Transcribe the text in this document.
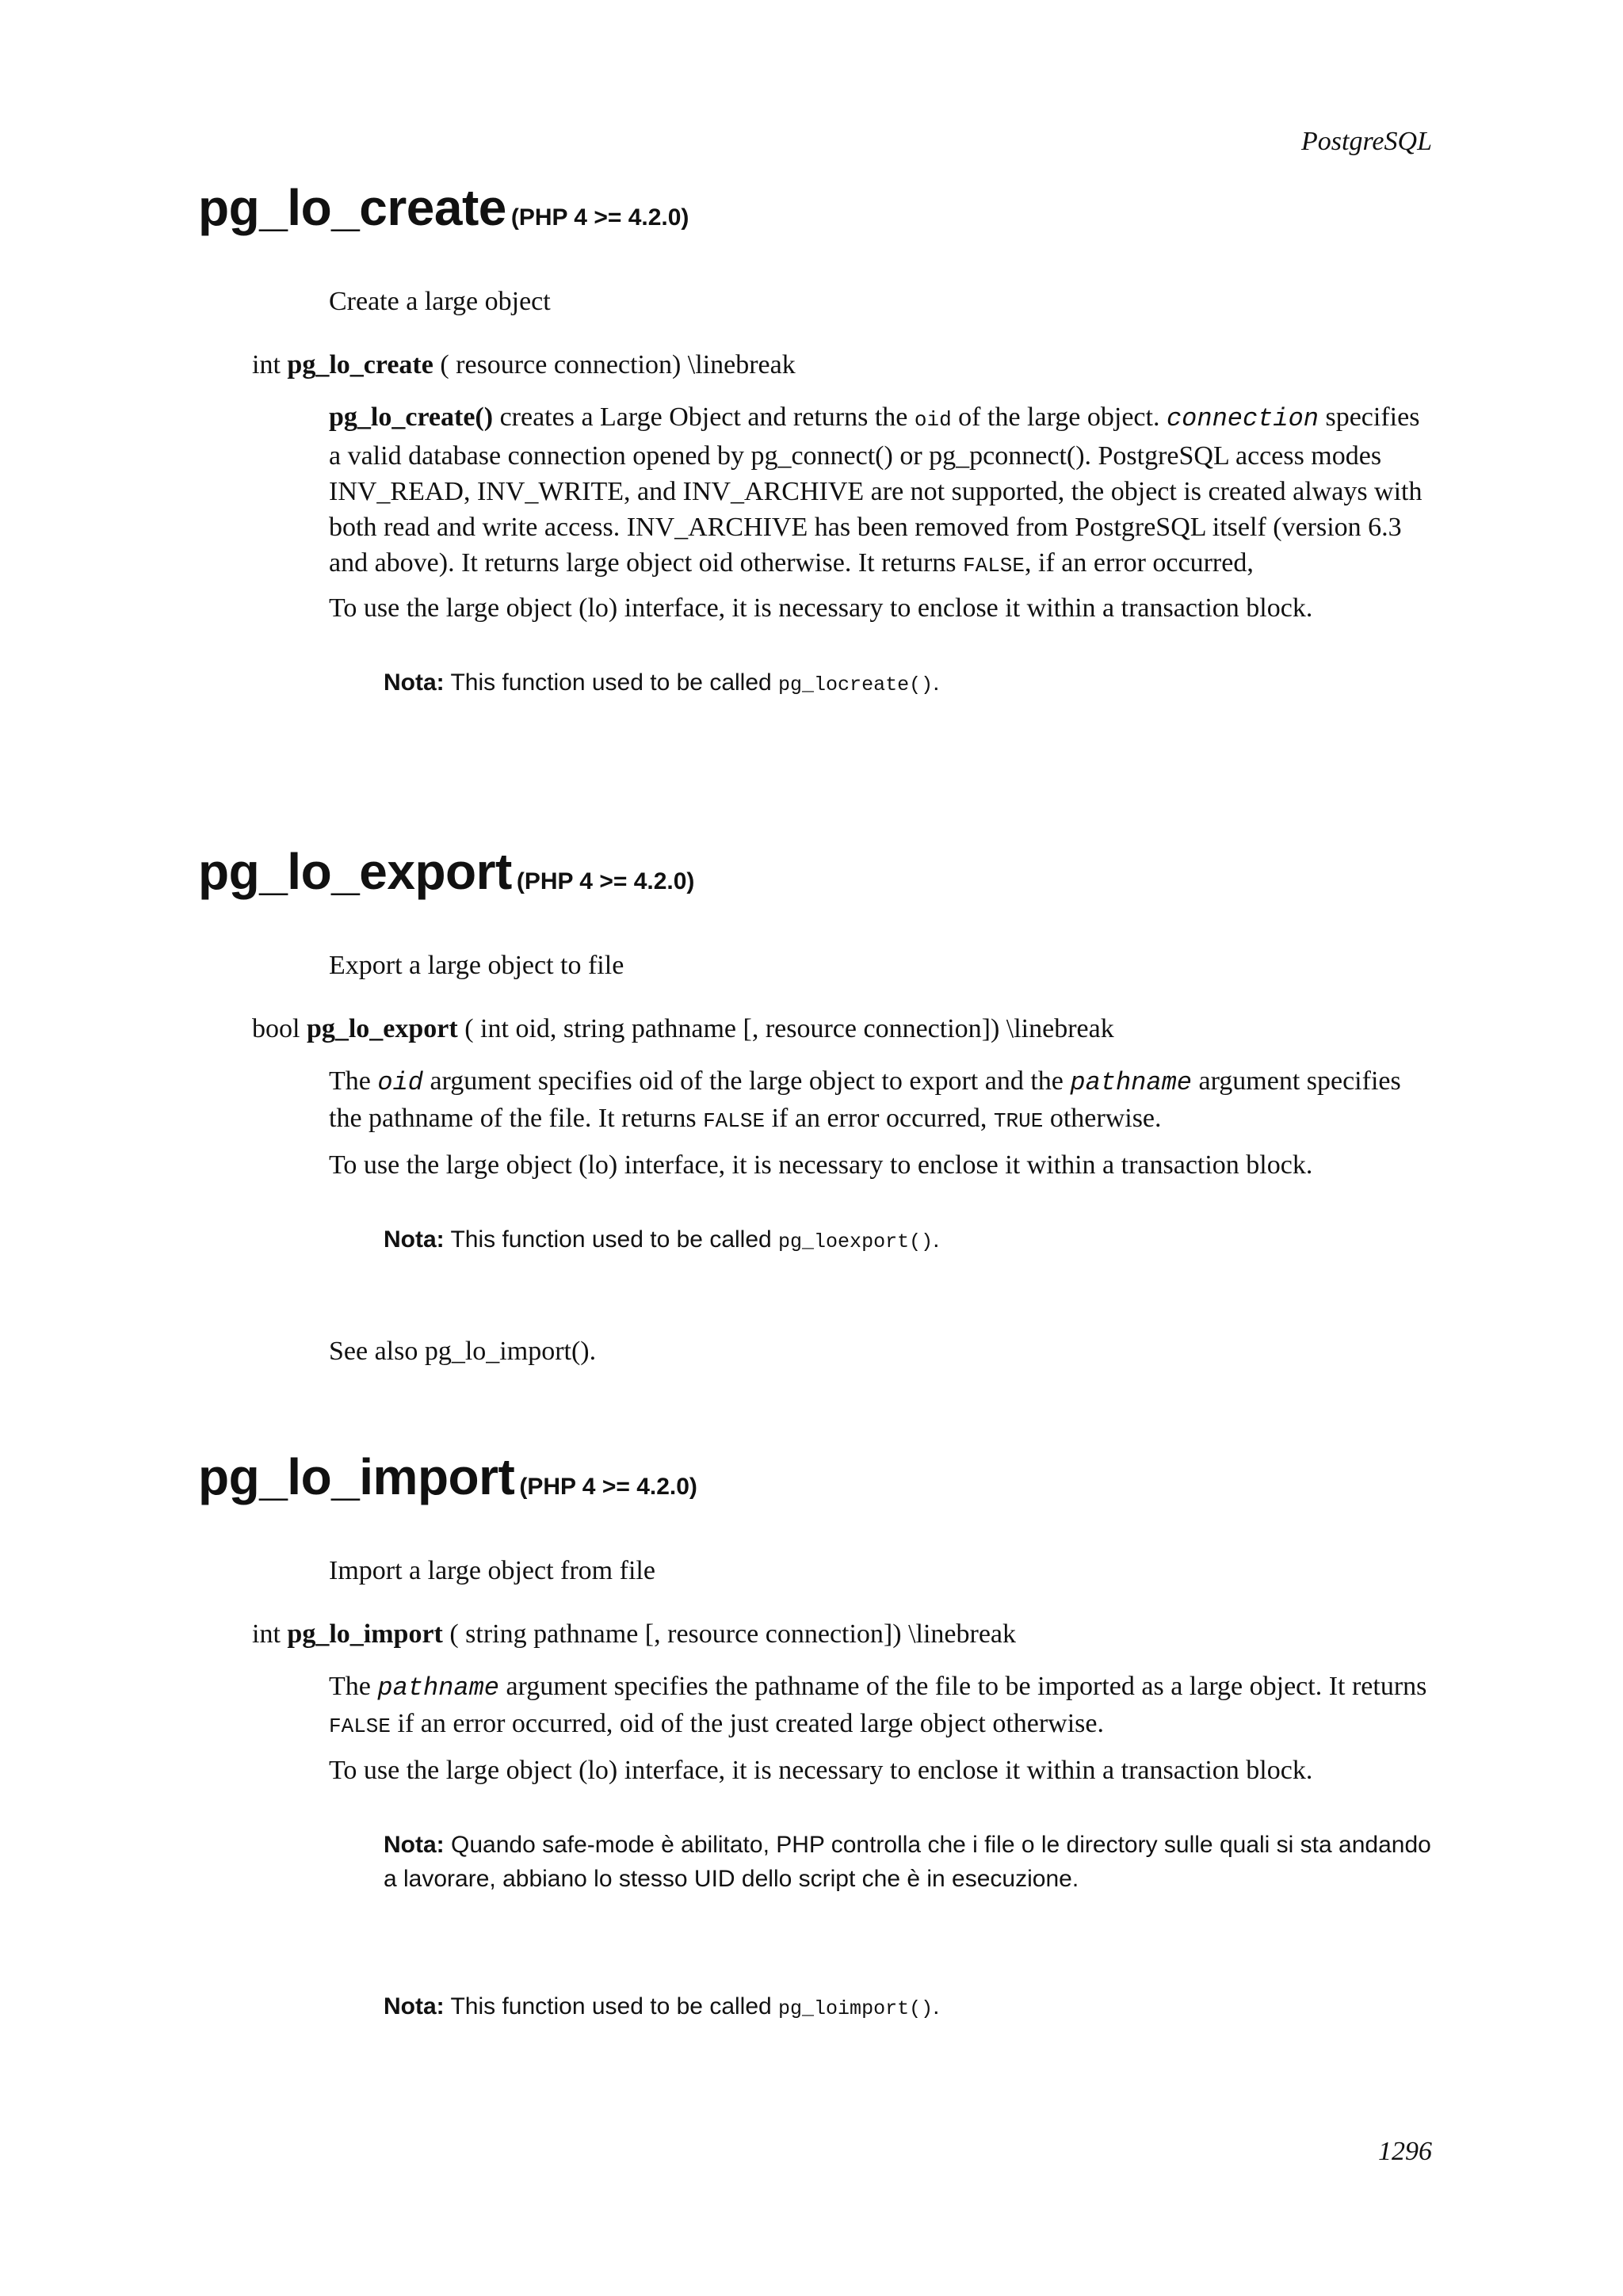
PostgreSQL
pg_lo_create (PHP 4 >= 4.2.0)
Create a large object
int pg_lo_create ( resource connection) \linebreak
pg_lo_create() creates a Large Object and returns the oid of the large object. connection specifies a valid database connection opened by pg_connect() or pg_pconnect(). PostgreSQL access modes INV_READ, INV_WRITE, and INV_ARCHIVE are not supported, the object is created always with both read and write access. INV_ARCHIVE has been removed from PostgreSQL itself (version 6.3 and above). It returns large object oid otherwise. It returns FALSE, if an error occurred,
To use the large object (lo) interface, it is necessary to enclose it within a transaction block.
Nota: This function used to be called pg_locreate().
pg_lo_export (PHP 4 >= 4.2.0)
Export a large object to file
bool pg_lo_export ( int oid, string pathname [, resource connection]) \linebreak
The oid argument specifies oid of the large object to export and the pathname argument specifies the pathname of the file. It returns FALSE if an error occurred, TRUE otherwise.
To use the large object (lo) interface, it is necessary to enclose it within a transaction block.
Nota: This function used to be called pg_loexport().
See also pg_lo_import().
pg_lo_import (PHP 4 >= 4.2.0)
Import a large object from file
int pg_lo_import ( string pathname [, resource connection]) \linebreak
The pathname argument specifies the pathname of the file to be imported as a large object. It returns FALSE if an error occurred, oid of the just created large object otherwise.
To use the large object (lo) interface, it is necessary to enclose it within a transaction block.
Nota: Quando safe-mode è abilitato, PHP controlla che i file o le directory sulle quali si sta andando a lavorare, abbiano lo stesso UID dello script che è in esecuzione.
Nota: This function used to be called pg_loimport().
1296
